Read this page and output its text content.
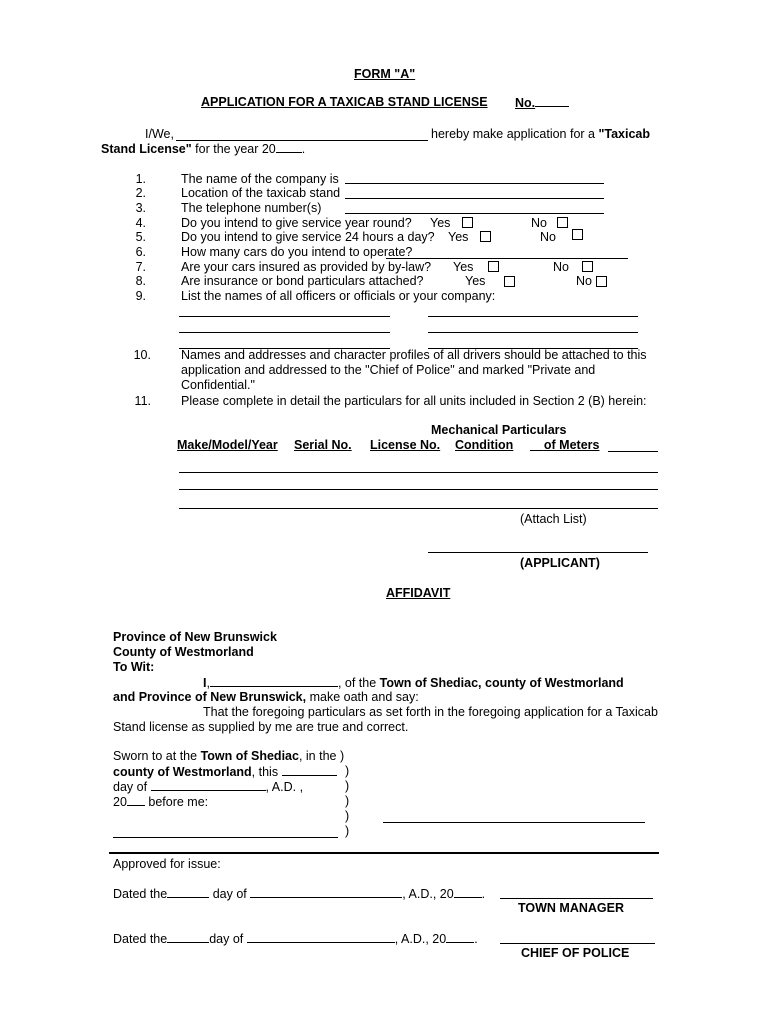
FORM "A"
APPLICATION FOR A TAXICAB STAND LICENSE No.
I/We,	hereby make application for a "Taxicab
Stand License" for the year 20 .
1.	The name of the company is
2.	Location of the taxicab stand
3.	The telephone number(s)
4.	Do you intend to give service year round? Yes	No
5.	Do you intend to give service 24 hours a day? Yes	No
6.	How many cars do you intend to operate?
7.	Are your cars insured as provided by by-law? Yes	No
8.	Are insurance or bond particulars attached?	Yes	No
9.	List the names of all officers or officials or your company:
10. Names and addresses and character profiles of all drivers should be attached to this
application and addressed to the "Chief of Police" and marked "Private and
Confidential."
11. Please complete in detail the particulars for all units included in Section 2 (B) herein:
Mechanical Particulars
Make/Model/Year Serial No. License No. Condition	of Meters
(Attach List)
(APPLICANT)
AFFIDAVIT
Province of New Brunswick
County of Westmorland
To Wit:
I,	, of the Town of Shediac, county of Westmorland
and Province of New Brunswick, make oath and say:
That the foregoing particulars as set forth in the foregoing application for a Taxicab
Stand license as supplied by me are true and correct.
Sworn to at the Town of Shediac, in the )
county of Westmorland, this	)
day of	, A.D. ,	)
20 before me:	)
)
)
Approved for issue:
Dated the	day of	, A.D., 20 .
TOWN MANAGER
Dated the	day of	, A.D., 20 .
CHIEF OF POLICE
